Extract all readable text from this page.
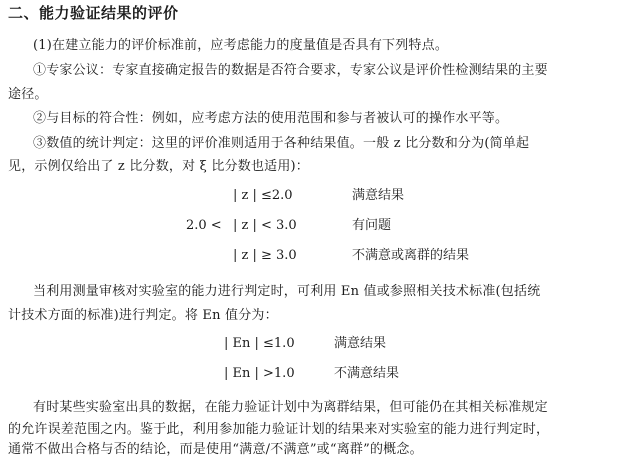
二、能力验证结果的评价
(1)在建立能力的评价标准前，应考虑能力的度量值是否具有下列特点。
①专家公议：专家直接确定报告的数据是否符合要求，专家公议是评价性检测结果的主要
途径。
②与目标的符合性：例如，应考虑方法的使用范围和参与者被认可的操作水平等。
③数值的统计判定：这里的评价准则适用于各种结果值。一般 z 比分数和分为(简单起
见，示例仅给出了 z 比分数，对 ξ 比分数也适用)：
| z | ≤2.0	满意结果
2.0 < | z | < 3.0	有问题
| z | ≥ 3.0	不满意或离群的结果
当利用测量审核对实验室的能力进行判定时，可利用 En 值或参照相关技术标准(包括统
计技术方面的标准)进行判定。将 En 值分为：
| En | ≤1.0	满意结果
| En | >1.0	不满意结果
有时某些实验室出具的数据，在能力验证计划中为离群结果，但可能仍在其相关标准规定
的允许误差范围之内。鉴于此，利用参加能力验证计划的结果来对实验室的能力进行判定时，
通常不做出合格与否的结论，而是使用“满意/不满意”或“离群”的概念。
